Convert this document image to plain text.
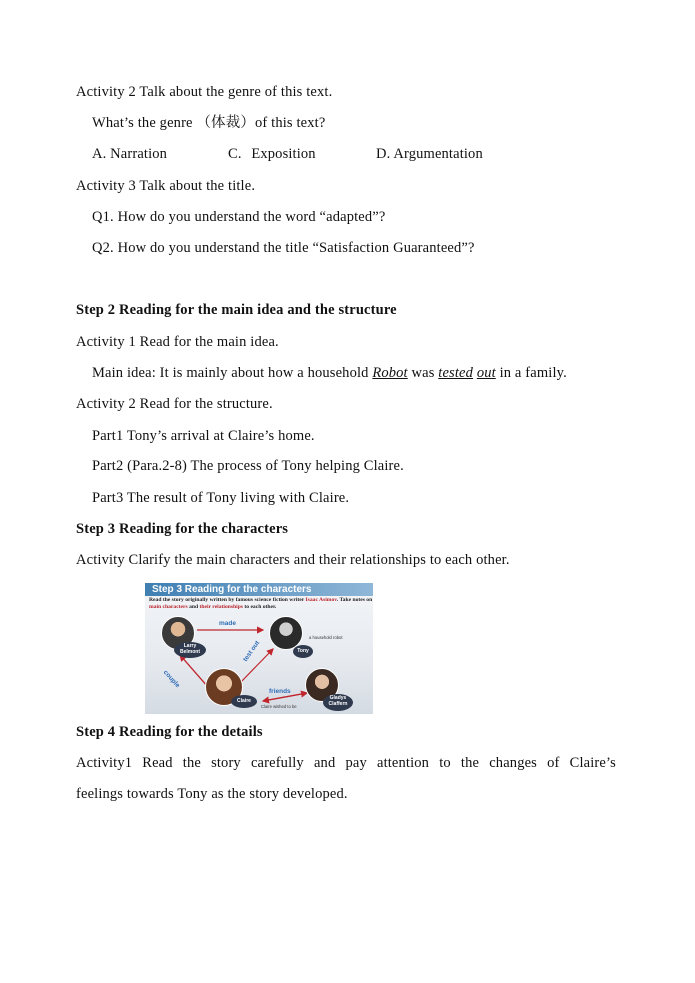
Activity 2 Talk about the genre of this text.
What’s the genre （体裁）of this text?
A. Narration	C. Exposition	D. Argumentation
Activity 3 Talk about the title.
Q1. How do you understand the word “adapted”?
Q2. How do you understand the title “Satisfaction Guaranteed”?
Step 2 Reading for the main idea and the structure
Activity 1 Read for the main idea.
Main idea: It is mainly about how a household Robot was tested out in a family.
Activity 2 Read for the structure.
Part1 Tony’s arrival at Claire’s home.
Part2 (Para.2-8) The process of Tony helping Claire.
Part3 The result of Tony living with Claire.
Step 3 Reading for the characters
Activity Clarify the main characters and their relationships to each other.
Step 3 Reading for the characters
Read the story originally written by famous science fiction writer Isaac Asimov. Take notes on main characters and their relationships to each other.
Larry Belmont	Tony
a household robot
Claire	Gladys Claffern
Claire wished to be
made
test out
couple
friends
Step 4 Reading for the details
Activity1 Read the story carefully and pay attention to the changes of Claire’s
feelings towards Tony as the story developed.
